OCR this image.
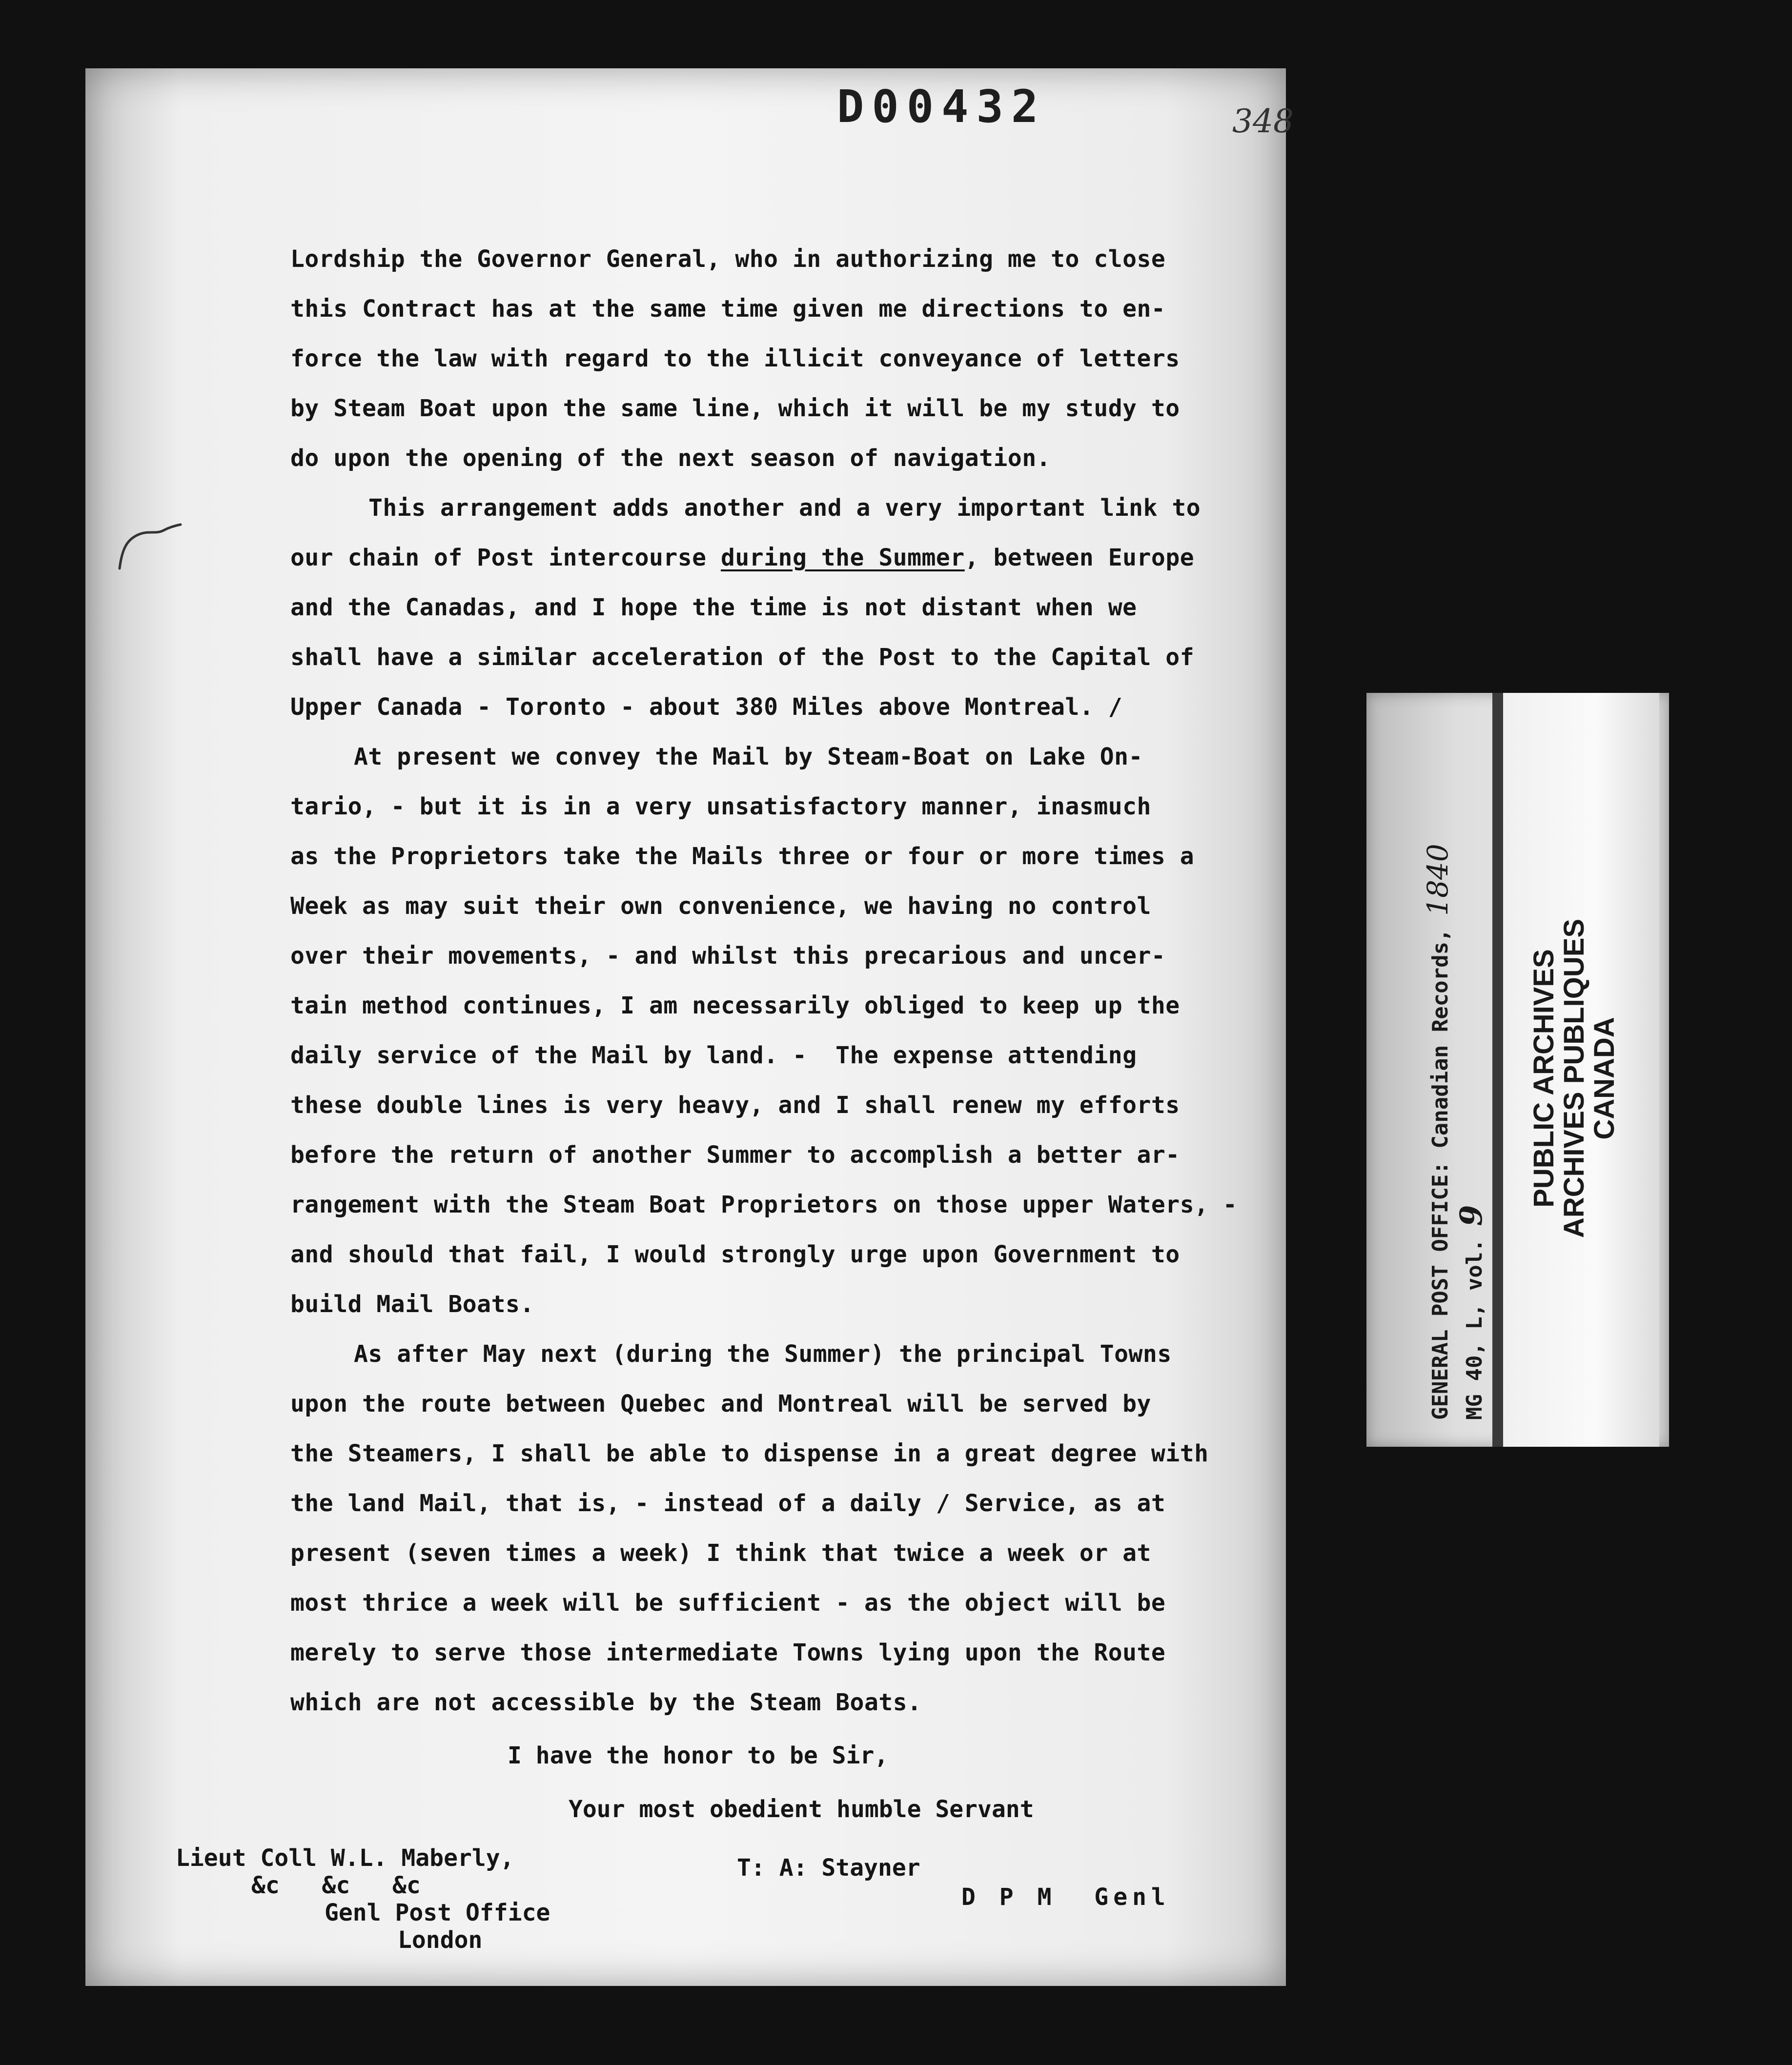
D00432	348
Lordship the Governor General, who in authorizing me to close
this Contract has at the same time given me directions to en-
force the law with regard to the illicit conveyance of letters
by Steam Boat upon the same line, which it will be my study to
do upon the opening of the next season of navigation.
This arrangement adds another and a very important link to
our chain of Post intercourse during the Summer, between Europe
and the Canadas, and I hope the time is not distant when we
shall have a similar acceleration of the Post to the Capital of
Upper Canada - Toronto - about 380 Miles above Montreal. /
At present we convey the Mail by Steam-Boat on Lake On-
tario, - but it is in a very unsatisfactory manner, inasmuch
as the Proprietors take the Mails three or four or more times a
Week as may suit their own convenience, we having no control
over their movements, - and whilst this precarious and uncer-
tain method continues, I am necessarily obliged to keep up the
daily service of the Mail by land. -  The expense attending
these double lines is very heavy, and I shall renew my efforts
before the return of another Summer to accomplish a better ar-
rangement with the Steam Boat Proprietors on those upper Waters, -
and should that fail, I would strongly urge upon Government to
build Mail Boats.
As after May next (during the Summer) the principal Towns
upon the route between Quebec and Montreal will be served by
the Steamers, I shall be able to dispense in a great degree with
the land Mail, that is, - instead of a daily / Service, as at
present (seven times a week) I think that twice a week or at
most thrice a week will be sufficient - as the object will be
merely to serve those intermediate Towns lying upon the Route
which are not accessible by the Steam Boats.
I have the honor to be Sir,
Your most obedient humble Servant
Lieut Coll W.L. Maberly,
&c   &c   &c
Genl Post Office
London
T: A: Stayner
D P M  Genl
GENERAL POST OFFICE: Canadian Records, 1840
MG 40, L, vol. 9
PUBLIC ARCHIVES
ARCHIVES PUBLIQUES
CANADA
